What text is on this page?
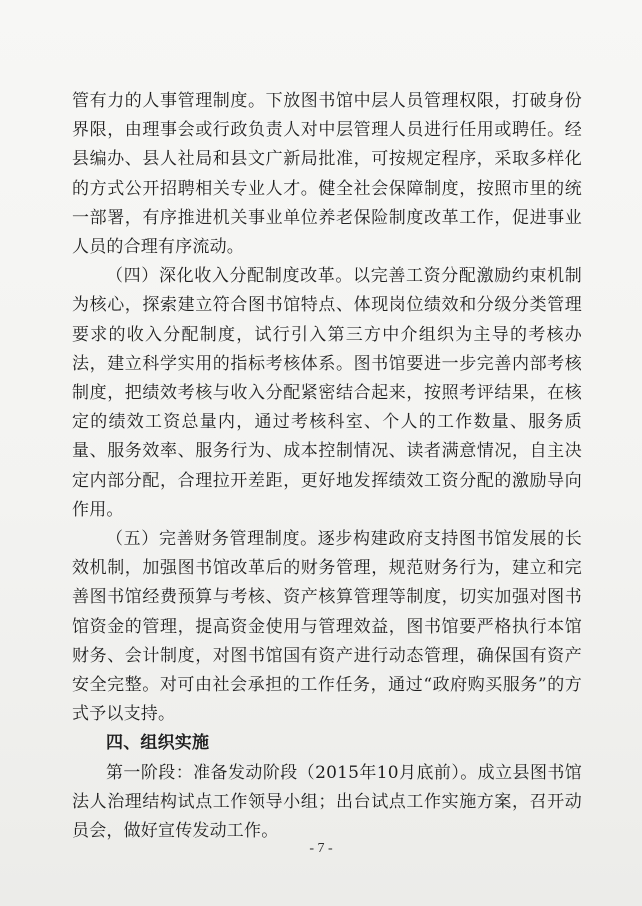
管有力的人事管理制度。下放图书馆中层人员管理权限，打破身份界限，由理事会或行政负责人对中层管理人员进行任用或聘任。经县编办、县人社局和县文广新局批准，可按规定程序，采取多样化的方式公开招聘相关专业人才。健全社会保障制度，按照市里的统一部署，有序推进机关事业单位养老保险制度改革工作，促进事业人员的合理有序流动。

（四）深化收入分配制度改革。以完善工资分配激励约束机制为核心，探索建立符合图书馆特点、体现岗位绩效和分级分类管理要求的收入分配制度，试行引入第三方中介组织为主导的考核办法，建立科学实用的指标考核体系。图书馆要进一步完善内部考核制度，把绩效考核与收入分配紧密结合起来，按照考评结果，在核定的绩效工资总量内，通过考核科室、个人的工作数量、服务质量、服务效率、服务行为、成本控制情况、读者满意情况，自主决定内部分配，合理拉开差距，更好地发挥绩效工资分配的激励导向作用。

（五）完善财务管理制度。逐步构建政府支持图书馆发展的长效机制，加强图书馆改革后的财务管理，规范财务行为，建立和完善图书馆经费预算与考核、资产核算管理等制度，切实加强对图书馆资金的管理，提高资金使用与管理效益，图书馆要严格执行本馆财务、会计制度，对图书馆国有资产进行动态管理，确保国有资产安全完整。对可由社会承担的工作任务，通过“政府购买服务”的方式予以支持。

四、组织实施

第一阶段：准备发动阶段（2015年10月底前）。成立县图书馆法人治理结构试点工作领导小组；出台试点工作实施方案，召开动员会，做好宣传发动工作。

- 7 -
